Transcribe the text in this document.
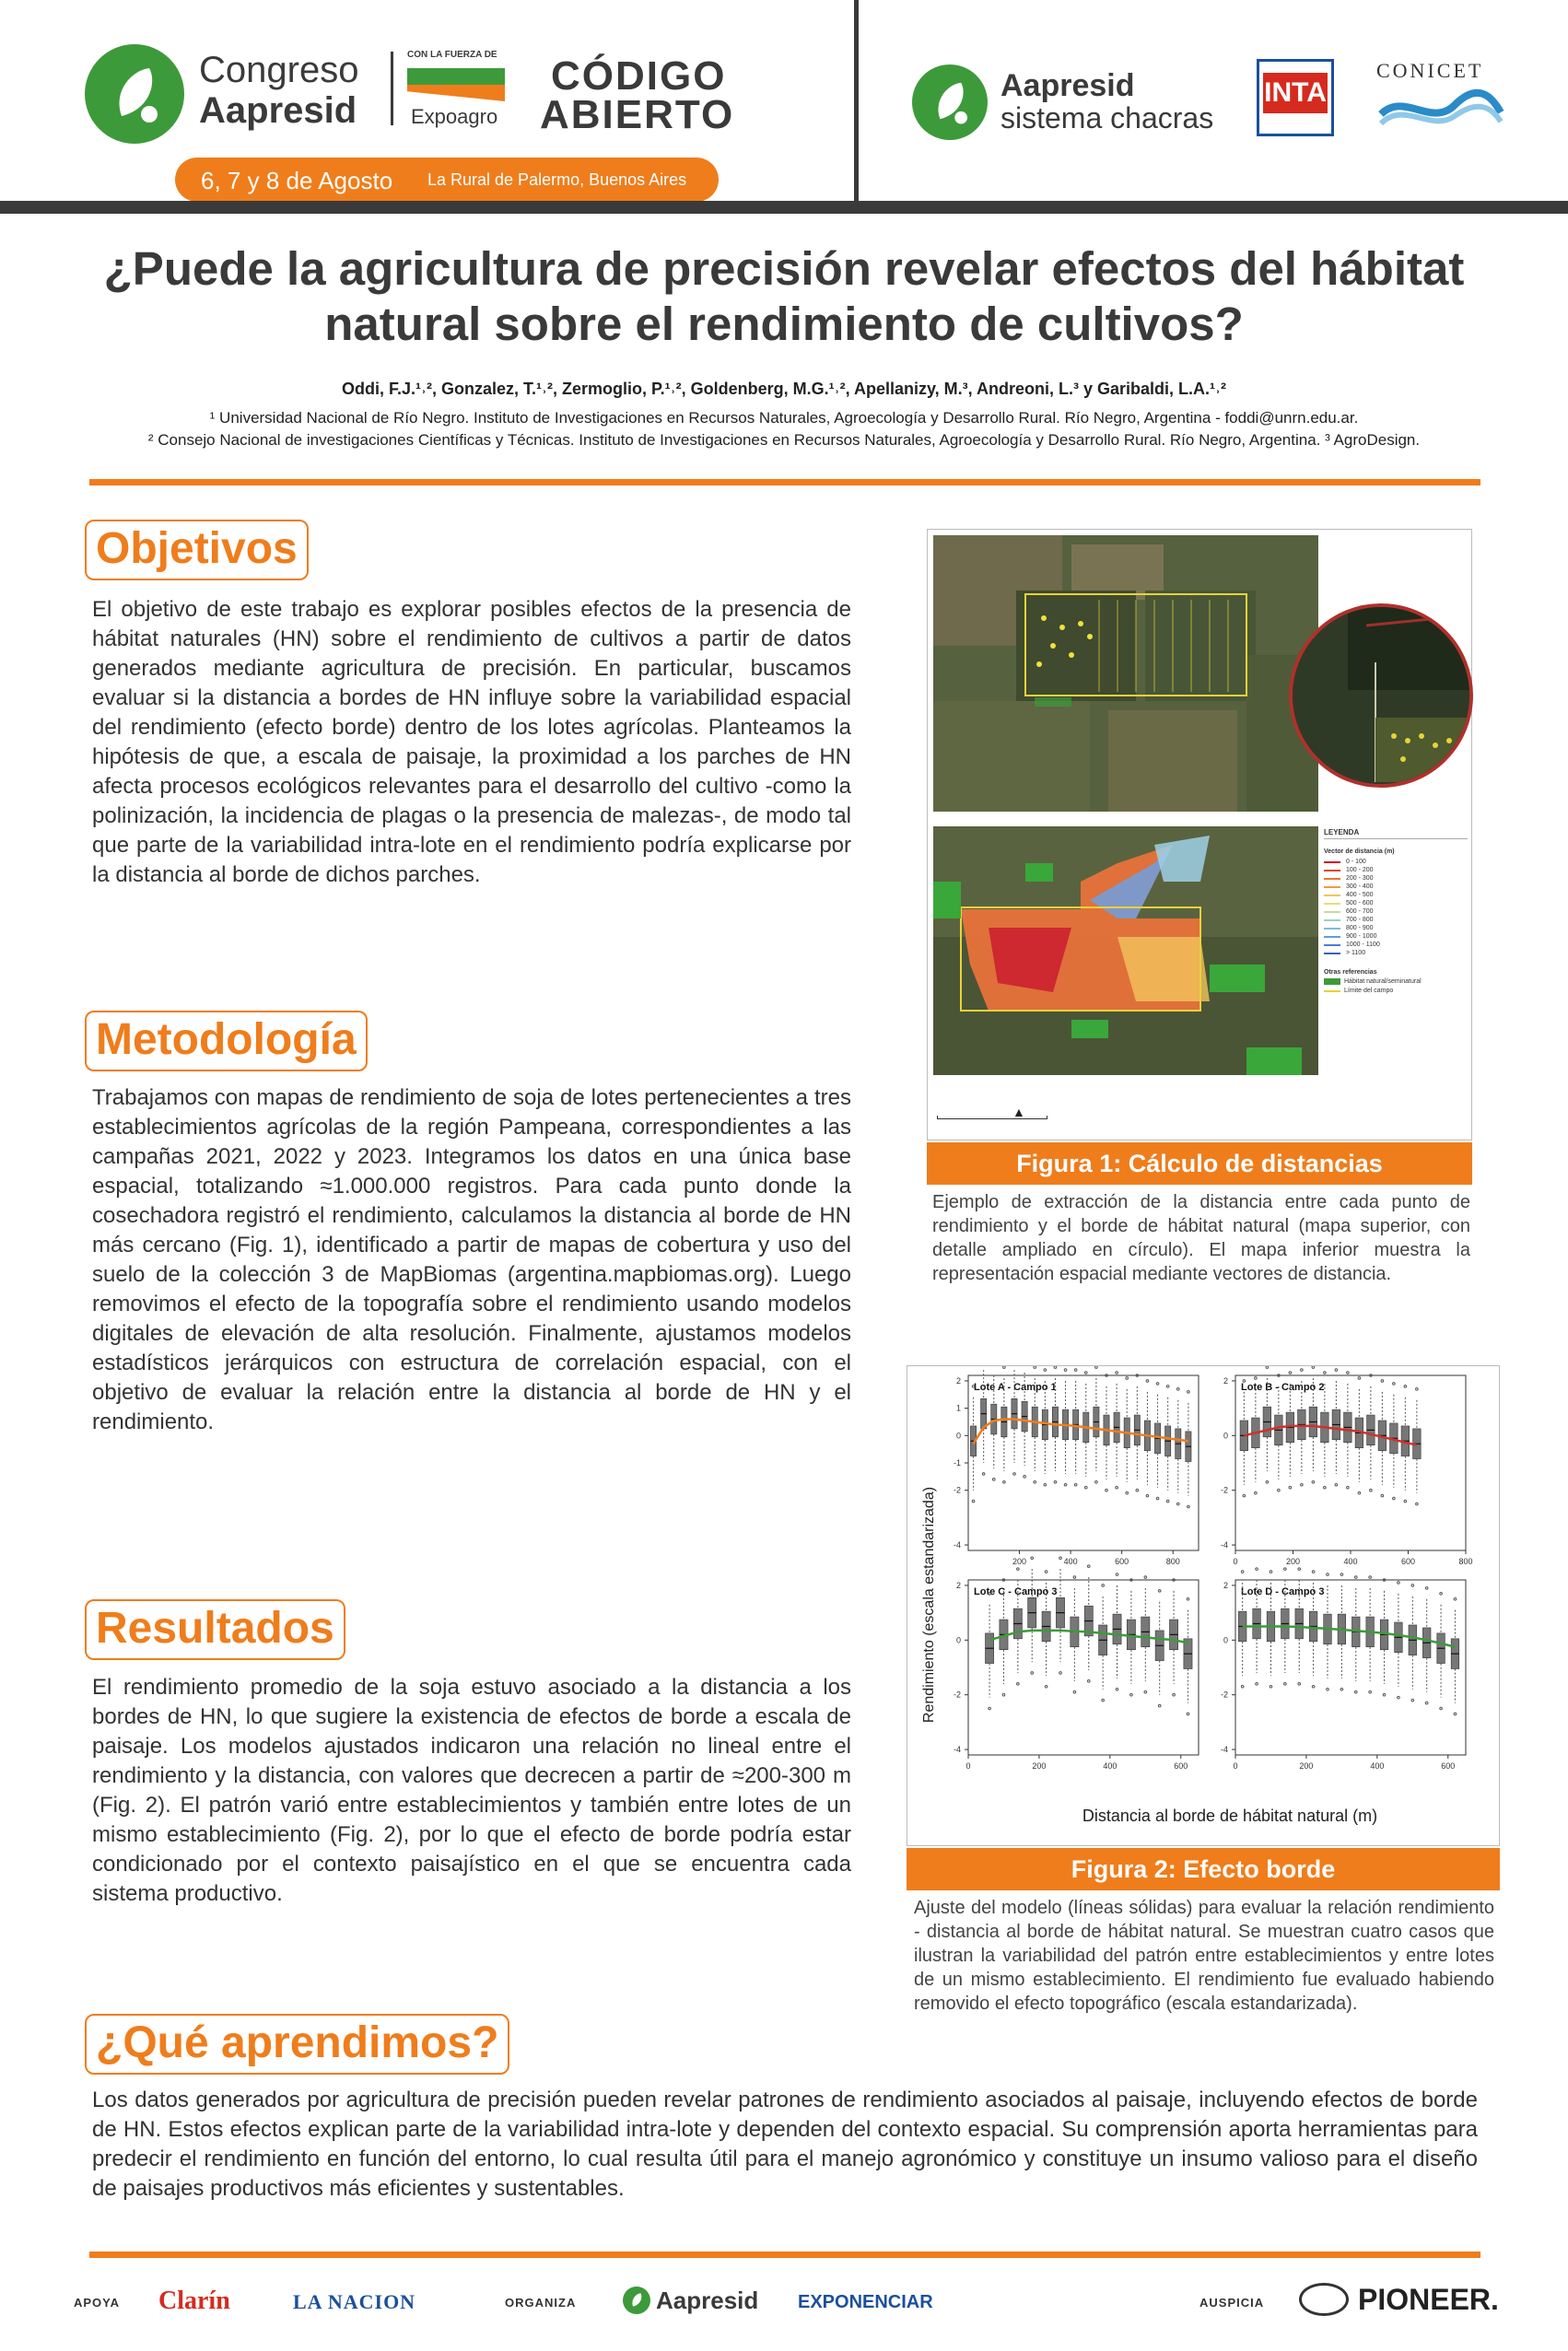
Congreso
Aapresid
CON LA FUERZA DE
Expoagro
CÓDIGO
ABIERTO
6, 7 y 8 de Agosto La Rural de Palermo, Buenos Aires
Aapresid
sistema chacras
INTA
CONICET
¿Puede la agricultura de precisión revelar efectos del hábitat natural sobre el rendimiento de cultivos?
Oddi, F.J.¹˒², Gonzalez, T.¹˒², Zermoglio, P.¹˒², Goldenberg, M.G.¹˒², Apellanizy, M.³, Andreoni, L.³ y Garibaldi, L.A.¹˒²
¹ Universidad Nacional de Río Negro. Instituto de Investigaciones en Recursos Naturales, Agroecología y Desarrollo Rural. Río Negro, Argentina - foddi@unrn.edu.ar.
² Consejo Nacional de investigaciones Científicas y Técnicas. Instituto de Investigaciones en Recursos Naturales, Agroecología y Desarrollo Rural. Río Negro, Argentina. ³ AgroDesign.
Objetivos
El objetivo de este trabajo es explorar posibles efectos de la presencia de hábitat naturales (HN) sobre el rendimiento de cultivos a partir de datos generados mediante agricultura de precisión. En particular, buscamos evaluar si la distancia a bordes de HN influye sobre la variabilidad espacial del rendimiento (efecto borde) dentro de los lotes agrícolas. Planteamos la hipótesis de que, a escala de paisaje, la proximidad a los parches de HN afecta procesos ecológicos relevantes para el desarrollo del cultivo -como la polinización, la incidencia de plagas o la presencia de malezas-, de modo tal que parte de la variabilidad intra-lote en el rendimiento podría explicarse por la distancia al borde de dichos parches.
Metodología
Trabajamos con mapas de rendimiento de soja de lotes pertenecientes a tres establecimientos agrícolas de la región Pampeana, correspondientes a las campañas 2021, 2022 y 2023. Integramos los datos en una única base espacial, totalizando ≈1.000.000 registros. Para cada punto donde la cosechadora registró el rendimiento, calculamos la distancia al borde de HN más cercano (Fig. 1), identificado a partir de mapas de cobertura y uso del suelo de la colección 3 de MapBiomas (argentina.mapbiomas.org). Luego removimos el efecto de la topografía sobre el rendimiento usando modelos digitales de elevación de alta resolución. Finalmente, ajustamos modelos estadísticos jerárquicos con estructura de correlación espacial, con el objetivo de evaluar la relación entre la distancia al borde de HN y el rendimiento.
Resultados
El rendimiento promedio de la soja estuvo asociado a la distancia a los bordes de HN, lo que sugiere la existencia de efectos de borde a escala de paisaje. Los modelos ajustados indicaron una relación no lineal entre el rendimiento y la distancia, con valores que decrecen a partir de ≈200-300 m (Fig. 2). El patrón varió entre establecimientos y también entre lotes de un mismo establecimiento (Fig. 2), por lo que el efecto de borde podría estar condicionado por el contexto paisajístico en el que se encuentra cada sistema productivo.
¿Qué aprendimos?
Los datos generados por agricultura de precisión pueden revelar patrones de rendimiento asociados al paisaje, incluyendo efectos de borde de HN. Estos efectos explican parte de la variabilidad intra-lote y dependen del contexto espacial. Su comprensión aporta herramientas para predecir el rendimiento en función del entorno, lo cual resulta útil para el manejo agronómico y constituye un insumo valioso para el diseño de paisajes productivos más eficientes y sustentables.
LEYENDA
Vector de distancia (m)
0 - 100
100 - 200
200 - 300
300 - 400
400 - 500
500 - 600
600 - 700
700 - 800
800 - 900
900 - 1000
1000 - 1100
> 1100
Otras referencias
Hábitat natural/seminatural
Límite del campo
▲
Figura 1: Cálculo de distancias
Ejemplo de extracción de la distancia entre cada punto de rendimiento y el borde de hábitat natural (mapa superior, con detalle ampliado en círculo). El mapa inferior muestra la representación espacial mediante vectores de distancia.
Rendimiento (escala estandarizada)
Distancia al borde de hábitat natural (m)
Lote A - Campo 1
-4
-2
-1
0
1
2
200	400	600	800
Lote B - Campo 2
-4
-2
0
2
0	200	400	600	800
Lote C - Campo 3
-4
-2
0
2
0	200	400	600
Lote D - Campo 3
-4
-2
0
2
0	200	400	600
Figura 2: Efecto borde
Ajuste del modelo (líneas sólidas) para evaluar la relación rendimiento - distancia al borde de hábitat natural. Se muestran cuatro casos que ilustran la variabilidad del patrón entre establecimientos y entre lotes de un mismo establecimiento. El rendimiento fue evaluado habiendo removido el efecto topográfico (escala estandarizada).
APOYA Clarín	LA NACION	ORGANIZA	Aapresid EXPONENCIAR	AUSPICIA	PIONEER.
